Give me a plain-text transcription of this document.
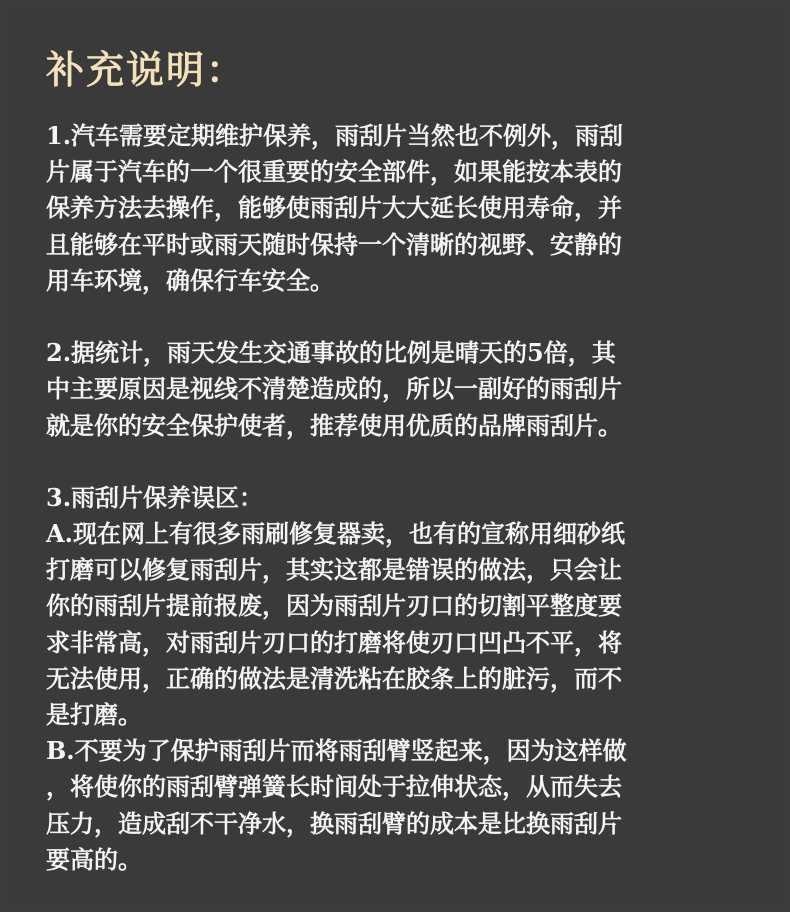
补充说明：
1.汽车需要定期维护保养，雨刮片当然也不例外，雨刮
片属于汽车的一个很重要的安全部件，如果能按本表的
保养方法去操作，能够使雨刮片大大延长使用寿命，并
且能够在平时或雨天随时保持一个清晰的视野、安静的
用车环境，确保行车安全。
2.据统计，雨天发生交通事故的比例是晴天的5倍，其
中主要原因是视线不清楚造成的，所以一副好的雨刮片
就是你的安全保护使者，推荐使用优质的品牌雨刮片。
3.雨刮片保养误区：
A.现在网上有很多雨刷修复器卖，也有的宣称用细砂纸
打磨可以修复雨刮片，其实这都是错误的做法，只会让
你的雨刮片提前报废，因为雨刮片刃口的切割平整度要
求非常高，对雨刮片刃口的打磨将使刃口凹凸不平，将
无法使用，正确的做法是清洗粘在胶条上的脏污，而不
是打磨。
B.不要为了保护雨刮片而将雨刮臂竖起来，因为这样做
，将使你的雨刮臂弹簧长时间处于拉伸状态，从而失去
压力，造成刮不干净水，换雨刮臂的成本是比换雨刮片
要高的。
